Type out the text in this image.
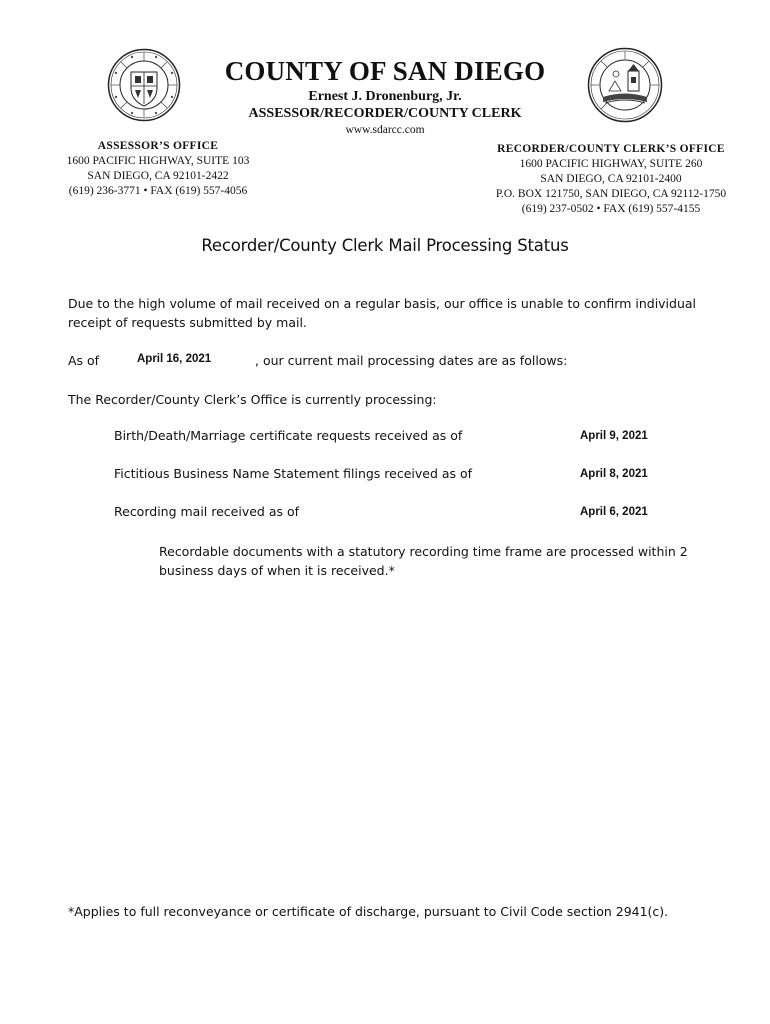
COUNTY OF SAN DIEGO
Ernest J. Dronenburg, Jr.
ASSESSOR/RECORDER/COUNTY CLERK
www.sdarcc.com
ASSESSOR’S OFFICE
1600 PACIFIC HIGHWAY, SUITE 103
SAN DIEGO, CA 92101-2422
(619) 236-3771 • FAX (619) 557-4056
RECORDER/COUNTY CLERK’S OFFICE
1600 PACIFIC HIGHWAY, SUITE 260
SAN DIEGO, CA 92101-2400
P.O. BOX 121750, SAN DIEGO, CA 92112-1750
(619) 237-0502 • FAX (619) 557-4155
Recorder/County Clerk Mail Processing Status
Due to the high volume of mail received on a regular basis, our office is unable to confirm individual receipt of requests submitted by mail.
As of	April 16, 2021	, our current mail processing dates are as follows:
The Recorder/County Clerk’s Office is currently processing:
Birth/Death/Marriage certificate requests received as of	April 9, 2021
Fictitious Business Name Statement filings received as of	April 8, 2021
Recording mail received as of	April 6, 2021
Recordable documents with a statutory recording time frame are processed within 2 business days of when it is received.*
*Applies to full reconveyance or certificate of discharge, pursuant to Civil Code section 2941(c).
